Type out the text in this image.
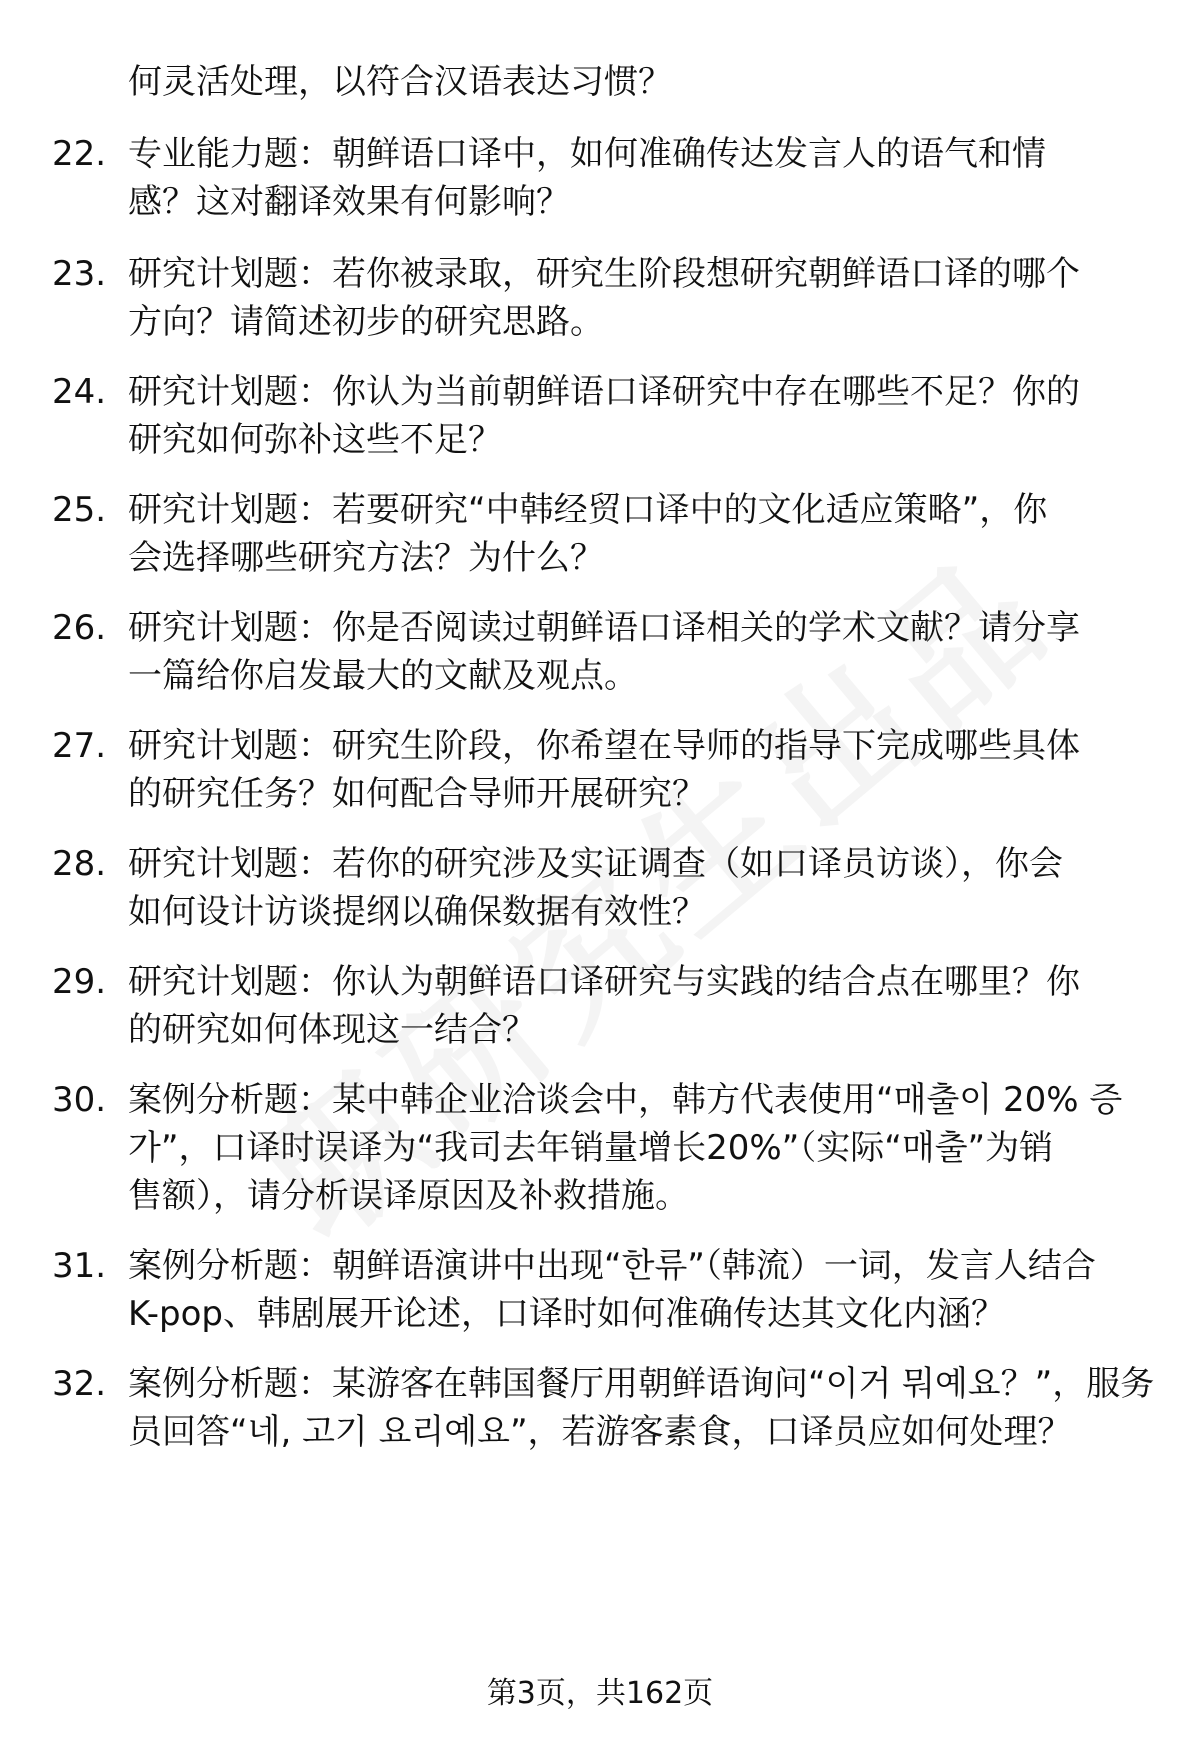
何灵活处理，以符合汉语表达习惯？
22. 专业能力题：朝鲜语口译中，如何准确传达发言人的语气和情
感？这对翻译效果有何影响？
23. 研究计划题：若你被录取，研究生阶段想研究朝鲜语口译的哪个
方向？请简述初步的研究思路。
24. 研究计划题：你认为当前朝鲜语口译研究中存在哪些不足？你的
研究如何弥补这些不足？
25. 研究计划题：若要研究“中韩经贸口译中的文化适应策略”，你
会选择哪些研究方法？为什么？
26. 研究计划题：你是否阅读过朝鲜语口译相关的学术文献？请分享
一篇给你启发最大的文献及观点。
27. 研究计划题：研究生阶段，你希望在导师的指导下完成哪些具体
的研究任务？如何配合导师开展研究？
28. 研究计划题：若你的研究涉及实证调查（如口译员访谈），你会
如何设计访谈提纲以确保数据有效性？
29. 研究计划题：你认为朝鲜语口译研究与实践的结合点在哪里？你
的研究如何体现这一结合？
30. 案例分析题：某中韩企业洽谈会中，韩方代表使用“매출이 20% 증
가”，口译时误译为“我司去年销量增长20%”（实际“매출”为销
售额），请分析误译原因及补救措施。
31. 案例分析题：朝鲜语演讲中出现“한류”（韩流）一词，发言人结合
K-pop、韩剧展开论述，口译时如何准确传达其文化内涵？
32. 案例分析题：某游客在韩国餐厅用朝鲜语询问“이거 뭐예요？”，服务
员回答“네, 고기 요리예요”，若游客素食，口译员应如何处理？
第3页，共162页
